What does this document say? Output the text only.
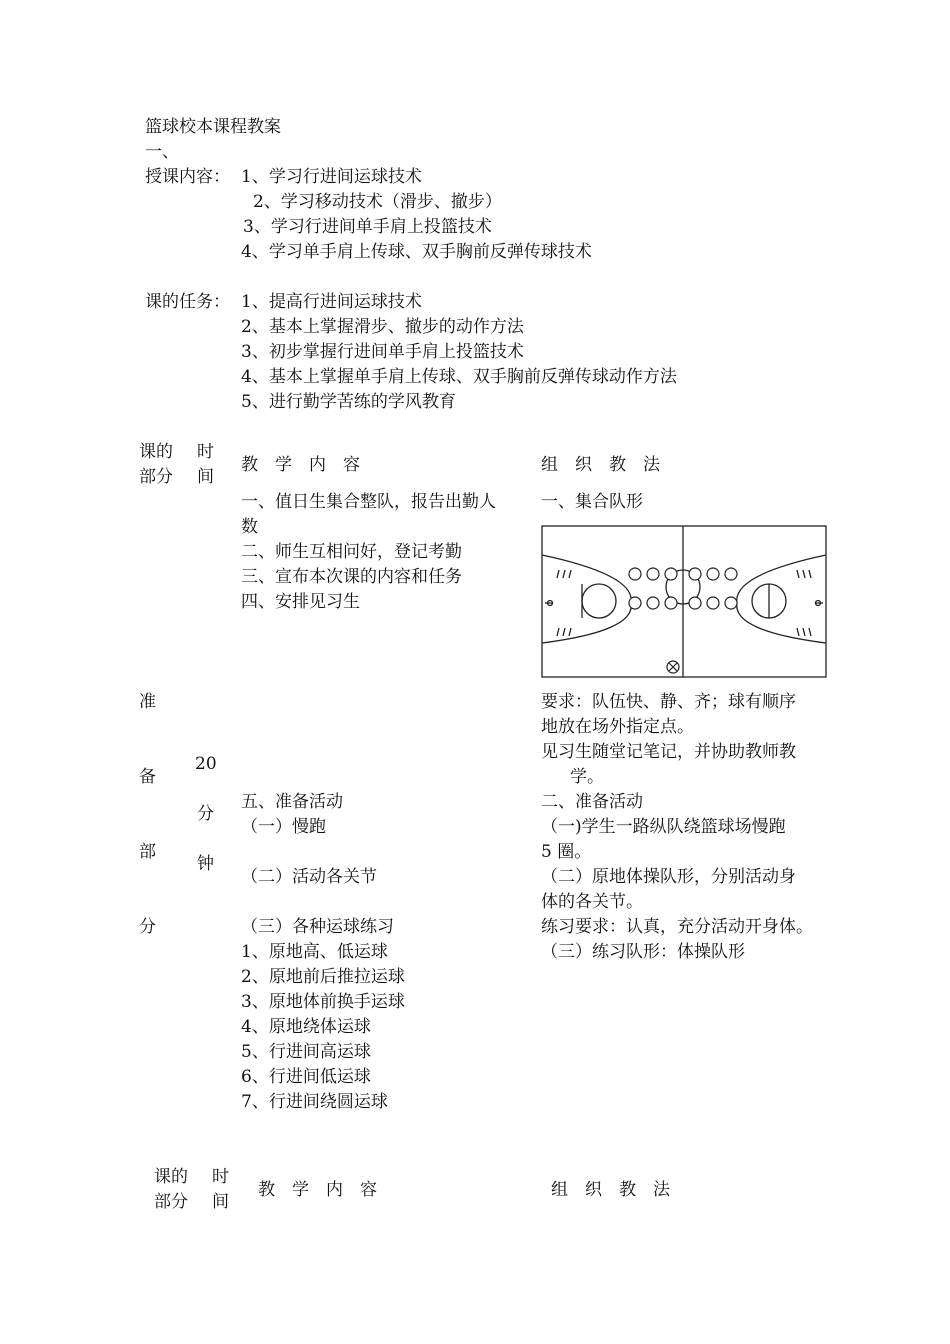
篮球校本课程教案
一、
授课内容： 1、学习行进间运球技术
2、学习移动技术（滑步、撤步）
3、学习行进间单手肩上投篮技术
4、学习单手肩上传球、双手胸前反弹传球技术
课的任务： 1、提高行进间运球技术
2、基本上掌握滑步、撤步的动作方法
3、初步掌握行进间单手肩上投篮技术
4、基本上掌握单手肩上传球、双手胸前反弹传球动作方法
5、进行勤学苦练的学风教育
课的
部分
时
间
教　学　内　容	组　织　教　法
准
备
部
分
20
分
钟
一、值日生集合整队，报告出勤人
数
二、师生互相问好，登记考勤
三、宣布本次课的内容和任务
四、安排见习生
五、准备活动
（一）慢跑
（二）活动各关节
（三）各种运球练习
1、原地高、低运球
2、原地前后推拉运球
3、原地体前换手运球
4、原地绕体运球
5、行进间高运球
6、行进间低运球
7、行进间绕圆运球
一、集合队形
要求：队伍快、静、齐；球有顺序
地放在场外指定点。
见习生随堂记笔记，并协助教师教
学。
二、准备活动
（一)学生一路纵队绕篮球场慢跑
5 圈。
（二）原地体操队形，分别活动身
体的各关节。
练习要求：认真，充分活动开身体。
（三）练习队形：体操队形
课的
部分
时
间
教　学　内　容	组　织　教　法
